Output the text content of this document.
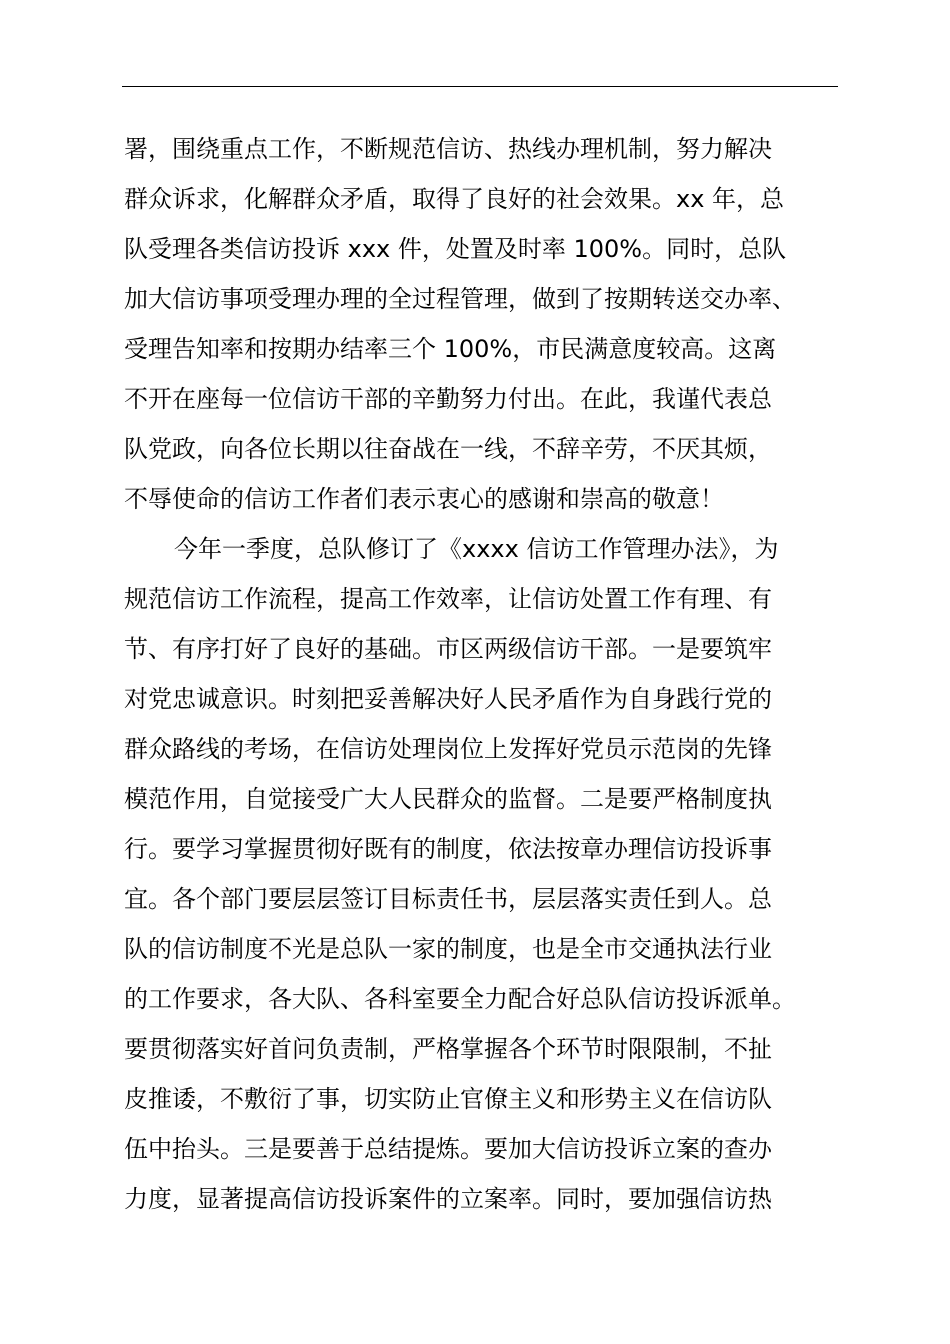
署，围绕重点工作，不断规范信访、热线办理机制，努力解决
群众诉求，化解群众矛盾，取得了良好的社会效果。xx 年，总
队受理各类信访投诉 xxx 件，处置及时率 100%。同时，总队
加大信访事项受理办理的全过程管理，做到了按期转送交办率、
受理告知率和按期办结率三个 100%，市民满意度较高。这离
不开在座每一位信访干部的辛勤努力付出。在此，我谨代表总
队党政，向各位长期以往奋战在一线，不辞辛劳，不厌其烦，
不辱使命的信访工作者们表示衷心的感谢和崇高的敬意！
今年一季度，总队修订了《xxxx 信访工作管理办法》，为
规范信访工作流程，提高工作效率，让信访处置工作有理、有
节、有序打好了良好的基础。市区两级信访干部。一是要筑牢
对党忠诚意识。时刻把妥善解决好人民矛盾作为自身践行党的
群众路线的考场，在信访处理岗位上发挥好党员示范岗的先锋
模范作用，自觉接受广大人民群众的监督。二是要严格制度执
行。要学习掌握贯彻好既有的制度，依法按章办理信访投诉事
宜。各个部门要层层签订目标责任书，层层落实责任到人。总
队的信访制度不光是总队一家的制度，也是全市交通执法行业
的工作要求，各大队、各科室要全力配合好总队信访投诉派单。
要贯彻落实好首问负责制，严格掌握各个环节时限限制，不扯
皮推诿，不敷衍了事，切实防止官僚主义和形势主义在信访队
伍中抬头。三是要善于总结提炼。要加大信访投诉立案的查办
力度，显著提高信访投诉案件的立案率。同时，要加强信访热
